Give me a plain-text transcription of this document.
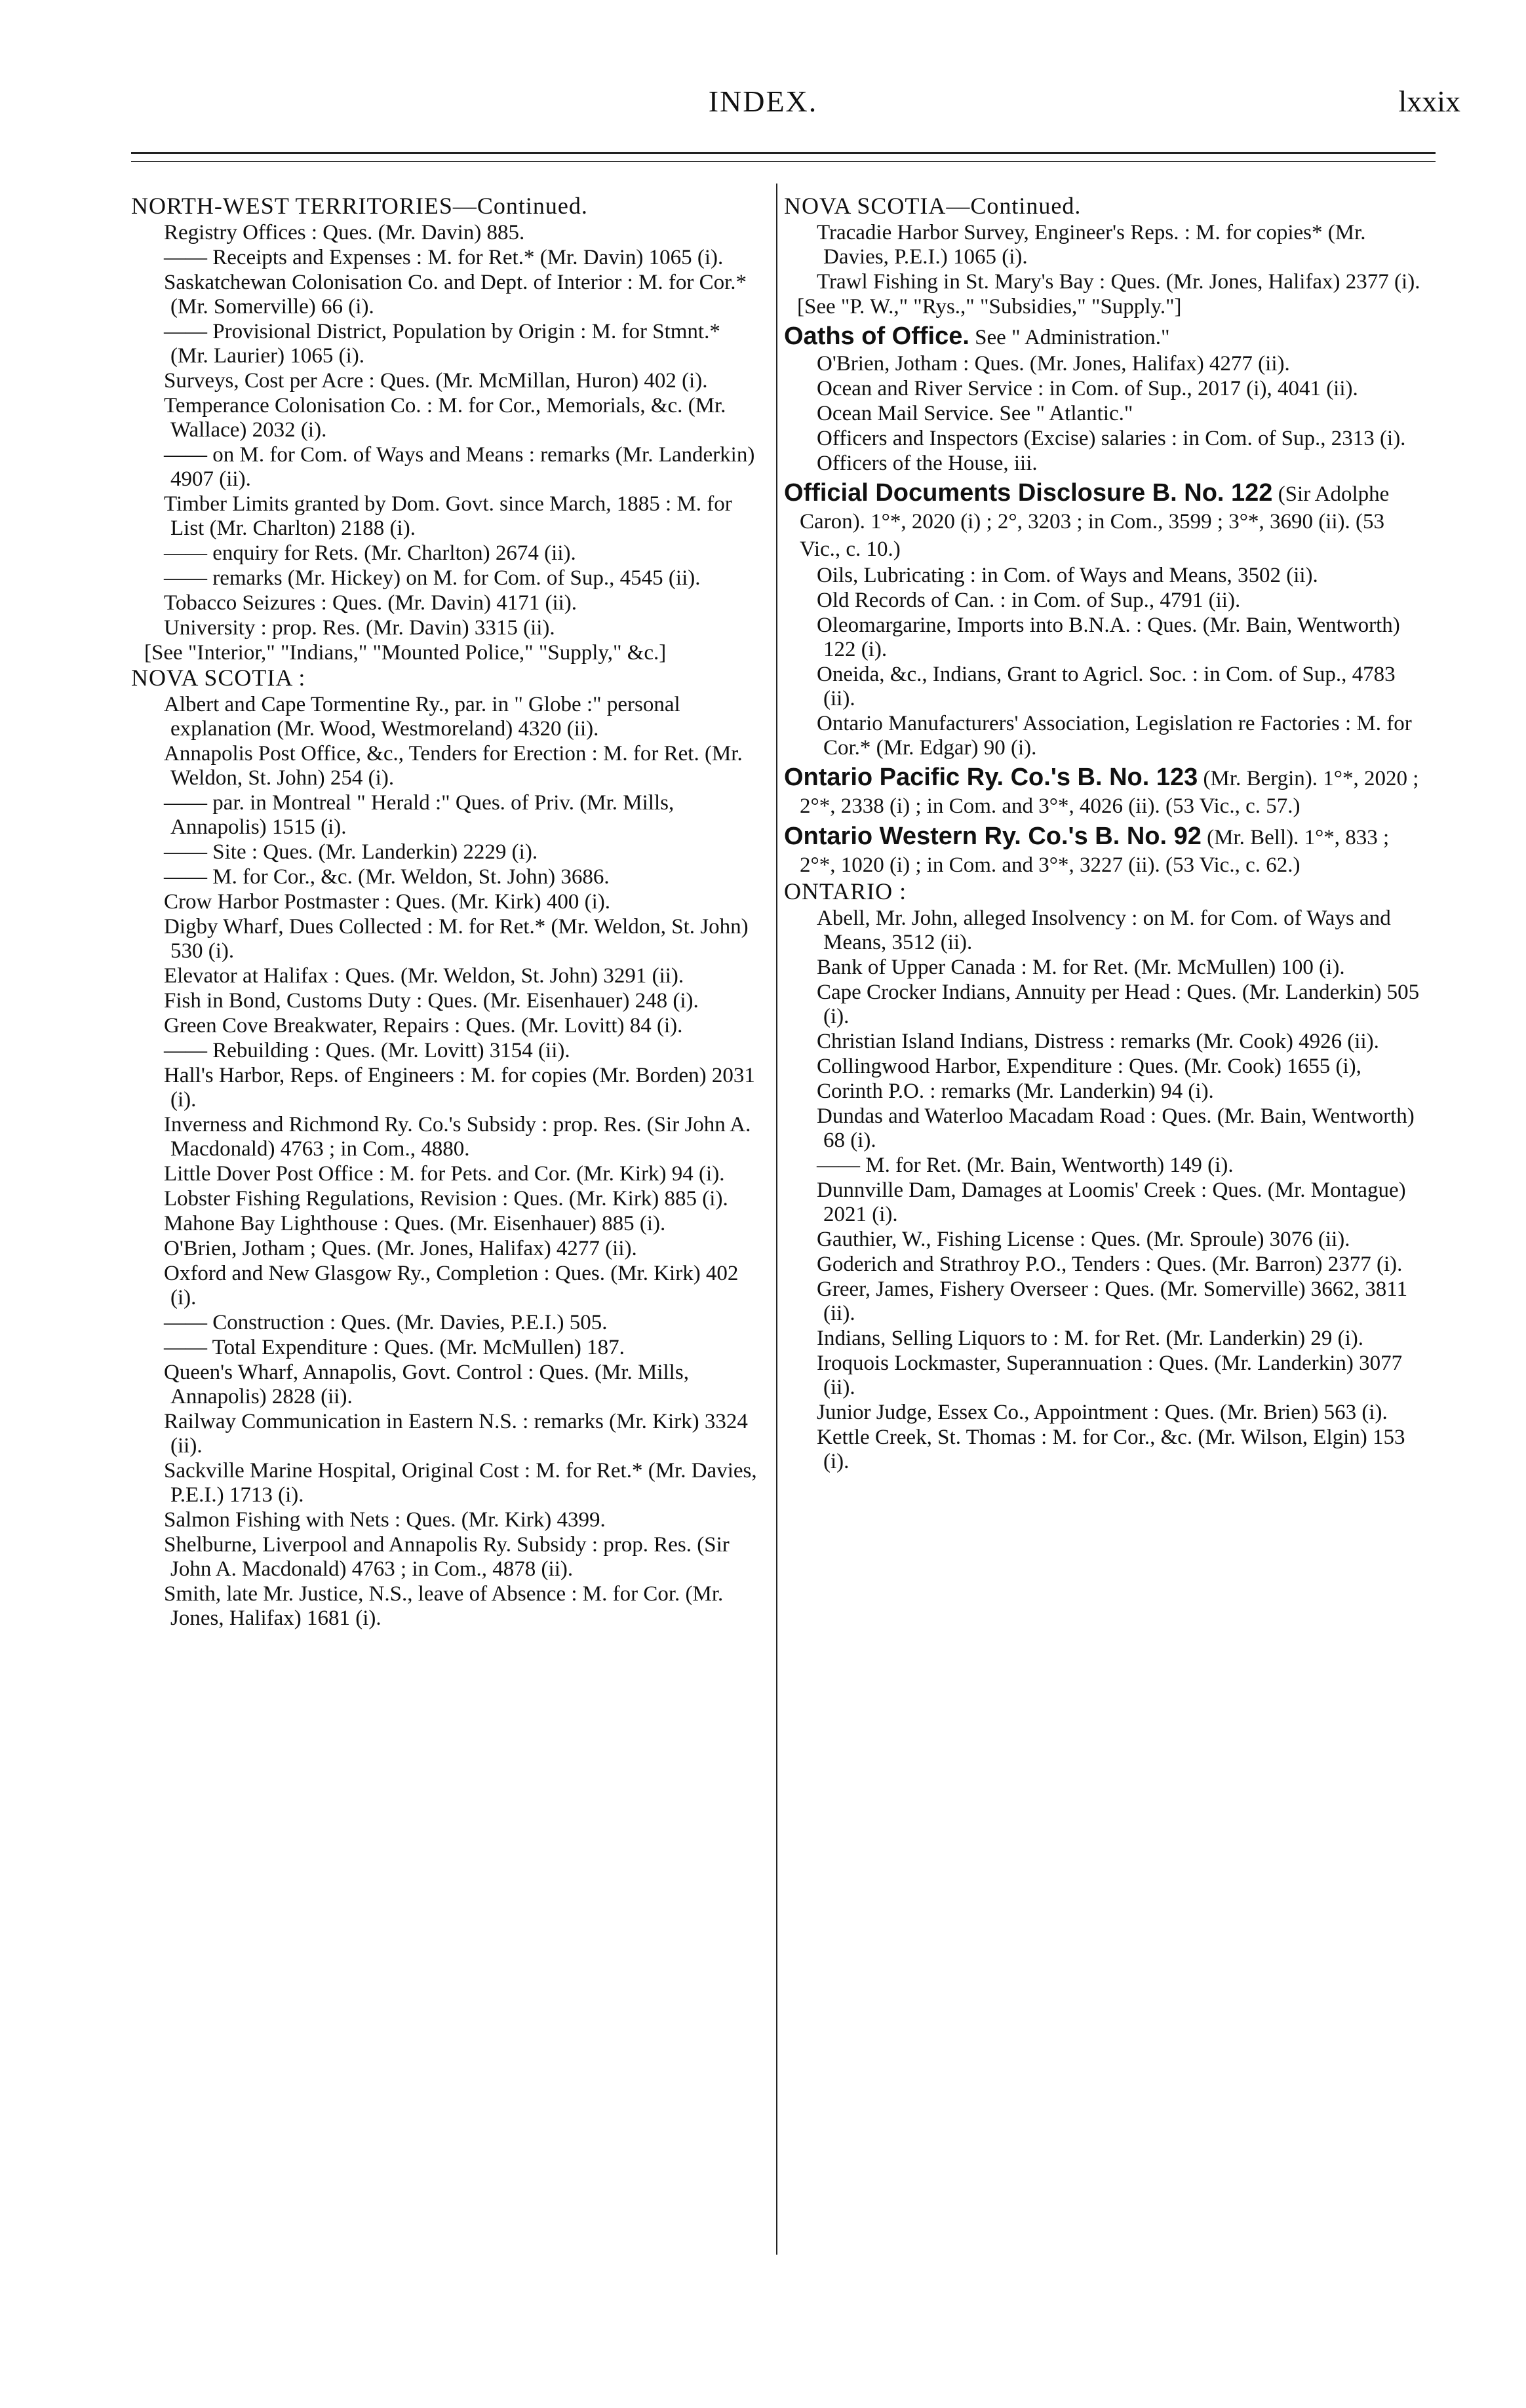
INDEX.	lxxix
NORTH-WEST TERRITORIES—Continued.
Registry Offices : Ques. (Mr. Davin) 885.
—— Receipts and Expenses : M. for Ret.* (Mr. Davin) 1065 (i).
Saskatchewan Colonisation Co. and Dept. of Interior : M. for Cor.* (Mr. Somerville) 66 (i).
—— Provisional District, Population by Origin : M. for Stmnt.* (Mr. Laurier) 1065 (i).
Surveys, Cost per Acre : Ques. (Mr. McMillan, Huron) 402 (i).
Temperance Colonisation Co. : M. for Cor., Memorials, &c. (Mr. Wallace) 2032 (i).
—— on M. for Com. of Ways and Means : remarks (Mr. Landerkin) 4907 (ii).
Timber Limits granted by Dom. Govt. since March, 1885 : M. for List (Mr. Charlton) 2188 (i).
—— enquiry for Rets. (Mr. Charlton) 2674 (ii).
—— remarks (Mr. Hickey) on M. for Com. of Sup., 4545 (ii).
Tobacco Seizures : Ques. (Mr. Davin) 4171 (ii).
University : prop. Res. (Mr. Davin) 3315 (ii).
[See "Interior," "Indians," "Mounted Police," "Supply," &c.]
NOVA SCOTIA :
Albert and Cape Tormentine Ry., par. in " Globe :" personal explanation (Mr. Wood, Westmoreland) 4320 (ii).
Annapolis Post Office, &c., Tenders for Erection : M. for Ret. (Mr. Weldon, St. John) 254 (i).
—— par. in Montreal " Herald :" Ques. of Priv. (Mr. Mills, Annapolis) 1515 (i).
—— Site : Ques. (Mr. Landerkin) 2229 (i).
—— M. for Cor., &c. (Mr. Weldon, St. John) 3686.
Crow Harbor Postmaster : Ques. (Mr. Kirk) 400 (i).
Digby Wharf, Dues Collected : M. for Ret.* (Mr. Weldon, St. John) 530 (i).
Elevator at Halifax : Ques. (Mr. Weldon, St. John) 3291 (ii).
Fish in Bond, Customs Duty : Ques. (Mr. Eisenhauer) 248 (i).
Green Cove Breakwater, Repairs : Ques. (Mr. Lovitt) 84 (i).
—— Rebuilding : Ques. (Mr. Lovitt) 3154 (ii).
Hall's Harbor, Reps. of Engineers : M. for copies (Mr. Borden) 2031 (i).
Inverness and Richmond Ry. Co.'s Subsidy : prop. Res. (Sir John A. Macdonald) 4763 ; in Com., 4880.
Little Dover Post Office : M. for Pets. and Cor. (Mr. Kirk) 94 (i).
Lobster Fishing Regulations, Revision : Ques. (Mr. Kirk) 885 (i).
Mahone Bay Lighthouse : Ques. (Mr. Eisenhauer) 885 (i).
O'Brien, Jotham ; Ques. (Mr. Jones, Halifax) 4277 (ii).
Oxford and New Glasgow Ry., Completion : Ques. (Mr. Kirk) 402 (i).
—— Construction : Ques. (Mr. Davies, P.E.I.) 505.
—— Total Expenditure : Ques. (Mr. McMullen) 187.
Queen's Wharf, Annapolis, Govt. Control : Ques. (Mr. Mills, Annapolis) 2828 (ii).
Railway Communication in Eastern N.S. : remarks (Mr. Kirk) 3324 (ii).
Sackville Marine Hospital, Original Cost : M. for Ret.* (Mr. Davies, P.E.I.) 1713 (i).
Salmon Fishing with Nets : Ques. (Mr. Kirk) 4399.
Shelburne, Liverpool and Annapolis Ry. Subsidy : prop. Res. (Sir John A. Macdonald) 4763 ; in Com., 4878 (ii).
Smith, late Mr. Justice, N.S., leave of Absence : M. for Cor. (Mr. Jones, Halifax) 1681 (i).
NOVA SCOTIA—Continued.
Tracadie Harbor Survey, Engineer's Reps. : M. for copies* (Mr. Davies, P.E.I.) 1065 (i).
Trawl Fishing in St. Mary's Bay : Ques. (Mr. Jones, Halifax) 2377 (i).
[See "P. W.," "Rys.," "Subsidies," "Supply."]
Oaths of Office. See " Administration."
O'Brien, Jotham : Ques. (Mr. Jones, Halifax) 4277 (ii).
Ocean and River Service : in Com. of Sup., 2017 (i), 4041 (ii).
Ocean Mail Service. See " Atlantic."
Officers and Inspectors (Excise) salaries : in Com. of Sup., 2313 (i).
Officers of the House, iii.
Official Documents Disclosure B. No. 122 (Sir Adolphe Caron). 1°*, 2020 (i) ; 2°, 3203 ; in Com., 3599 ; 3°*, 3690 (ii). (53 Vic., c. 10.)
Oils, Lubricating : in Com. of Ways and Means, 3502 (ii).
Old Records of Can. : in Com. of Sup., 4791 (ii).
Oleomargarine, Imports into B.N.A. : Ques. (Mr. Bain, Wentworth) 122 (i).
Oneida, &c., Indians, Grant to Agricl. Soc. : in Com. of Sup., 4783 (ii).
Ontario Manufacturers' Association, Legislation re Factories : M. for Cor.* (Mr. Edgar) 90 (i).
Ontario Pacific Ry. Co.'s B. No. 123 (Mr. Bergin). 1°*, 2020 ; 2°*, 2338 (i) ; in Com. and 3°*, 4026 (ii). (53 Vic., c. 57.)
Ontario Western Ry. Co.'s B. No. 92 (Mr. Bell). 1°*, 833 ; 2°*, 1020 (i) ; in Com. and 3°*, 3227 (ii). (53 Vic., c. 62.)
ONTARIO :
Abell, Mr. John, alleged Insolvency : on M. for Com. of Ways and Means, 3512 (ii).
Bank of Upper Canada : M. for Ret. (Mr. McMullen) 100 (i).
Cape Crocker Indians, Annuity per Head : Ques. (Mr. Landerkin) 505 (i).
Christian Island Indians, Distress : remarks (Mr. Cook) 4926 (ii).
Collingwood Harbor, Expenditure : Ques. (Mr. Cook) 1655 (i),
Corinth P.O. : remarks (Mr. Landerkin) 94 (i).
Dundas and Waterloo Macadam Road : Ques. (Mr. Bain, Wentworth) 68 (i).
—— M. for Ret. (Mr. Bain, Wentworth) 149 (i).
Dunnville Dam, Damages at Loomis' Creek : Ques. (Mr. Montague) 2021 (i).
Gauthier, W., Fishing License : Ques. (Mr. Sproule) 3076 (ii).
Goderich and Strathroy P.O., Tenders : Ques. (Mr. Barron) 2377 (i).
Greer, James, Fishery Overseer : Ques. (Mr. Somerville) 3662, 3811 (ii).
Indians, Selling Liquors to : M. for Ret. (Mr. Landerkin) 29 (i).
Iroquois Lockmaster, Superannuation : Ques. (Mr. Landerkin) 3077 (ii).
Junior Judge, Essex Co., Appointment : Ques. (Mr. Brien) 563 (i).
Kettle Creek, St. Thomas : M. for Cor., &c. (Mr. Wilson, Elgin) 153 (i).
